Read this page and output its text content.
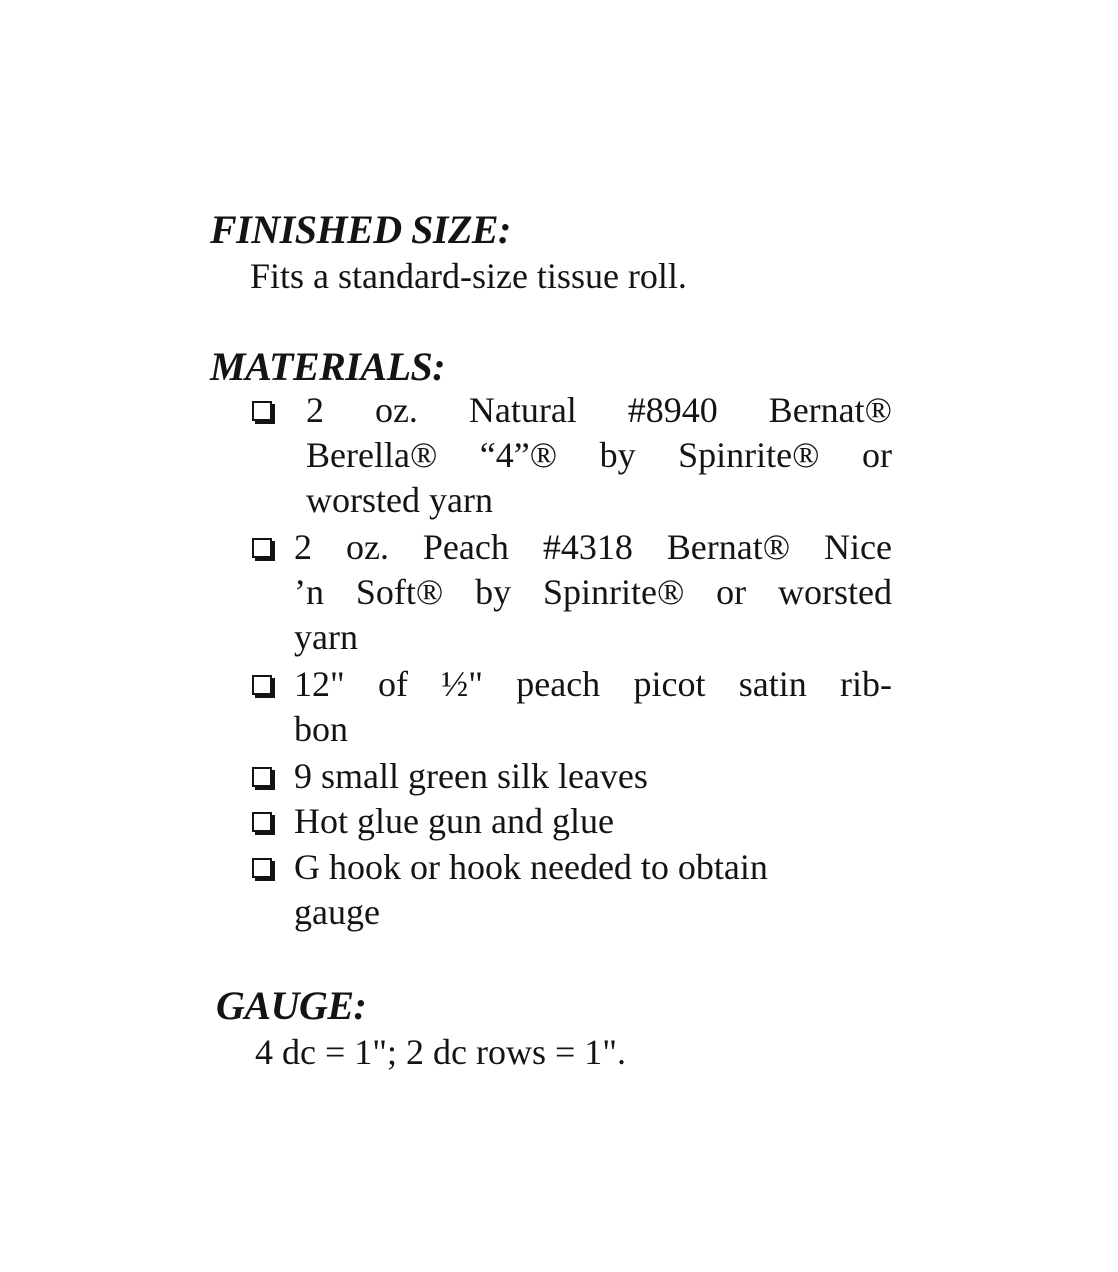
FINISHED SIZE:
Fits a standard-size tissue roll.
MATERIALS:
2 oz. Natural #8940 Bernat®
Berella® “4”® by Spinrite® or
worsted yarn
2 oz. Peach #4318 Bernat® Nice
’n Soft® by Spinrite® or worsted
yarn
12" of ½" peach picot satin rib-
bon
9 small green silk leaves
Hot glue gun and glue
G hook or hook needed to obtain
gauge
GAUGE:
4 dc = 1"; 2 dc rows = 1".
